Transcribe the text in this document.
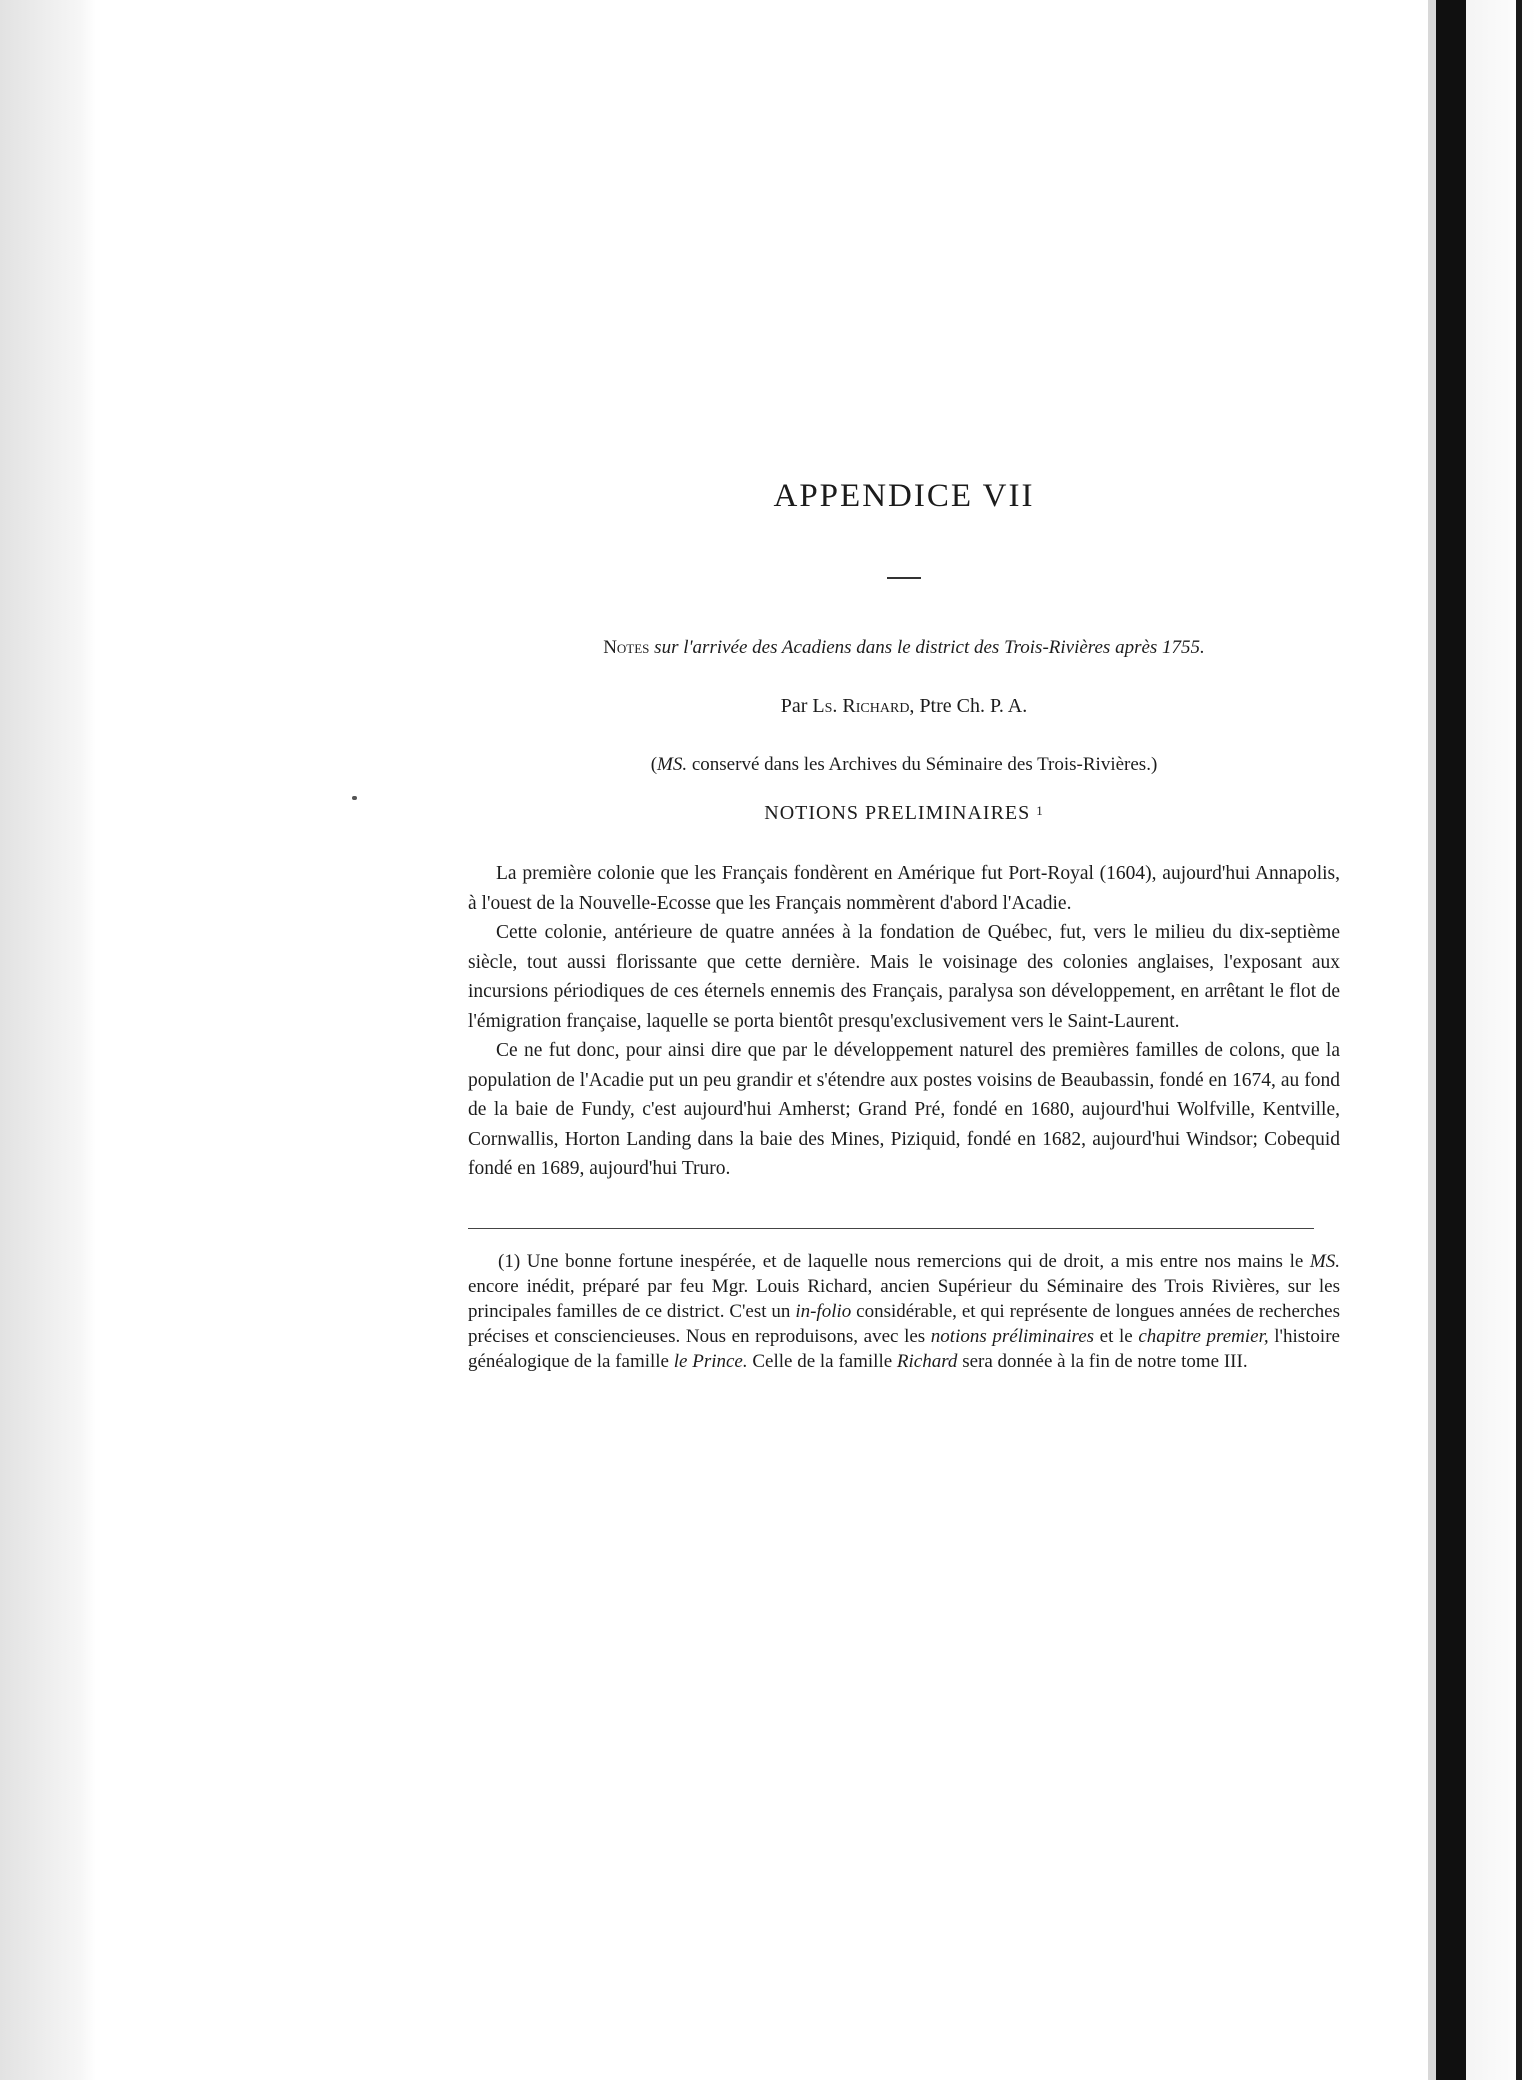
APPENDICE VII
Notes sur l'arrivée des Acadiens dans le district des Trois-Rivières après 1755.
Par Ls. Richard, Ptre Ch. P. A.
(MS. conservé dans les Archives du Séminaire des Trois-Rivières.)
NOTIONS PRELIMINAIRES $^1$

La première colonie que les Français fondèrent en Amérique fut Port-Royal (1604), aujourd'hui Annapolis, à l'ouest de la Nouvelle-Ecosse que les Français nommèrent d'abord l'Acadie.

Cette colonie, antérieure de quatre années à la fondation de Québec, fut, vers le milieu du dix-septième siècle, tout aussi florissante que cette dernière. Mais le voisinage des colonies anglaises, l'exposant aux incursions périodiques de ces éternels ennemis des Français, paralysa son développement, en arrêtant le flot de l'émigration française, laquelle se porta bientôt presqu'exclusivement vers le Saint-Laurent.

Ce ne fut donc, pour ainsi dire que par le développement naturel des premières familles de colons, que la population de l'Acadie put un peu grandir et s'étendre aux postes voisins de Beaubassin, fondé en 1674, au fond de la baie de Fundy, c'est aujourd'hui Amherst; Grand Pré, fondé en 1680, aujourd'hui Wolfville, Kentville, Cornwallis, Horton Landing dans la baie des Mines, Piziquid, fondé en 1682, aujourd'hui Windsor; Cobequid fondé en 1689, aujourd'hui Truro.

(1) Une bonne fortune inespérée, et de laquelle nous remercions qui de droit, a mis entre nos mains le MS. encore inédit, préparé par feu Mgr. Louis Richard, ancien Supérieur du Séminaire des Trois Rivières, sur les principales familles de ce district. C'est un in-folio considérable, et qui représente de longues années de recherches précises et consciencieuses. Nous en reproduisons, avec les notions préliminaires et le chapitre premier, l'histoire généalogique de la famille le Prince. Celle de la famille Richard sera donnée à la fin de notre tome III.
